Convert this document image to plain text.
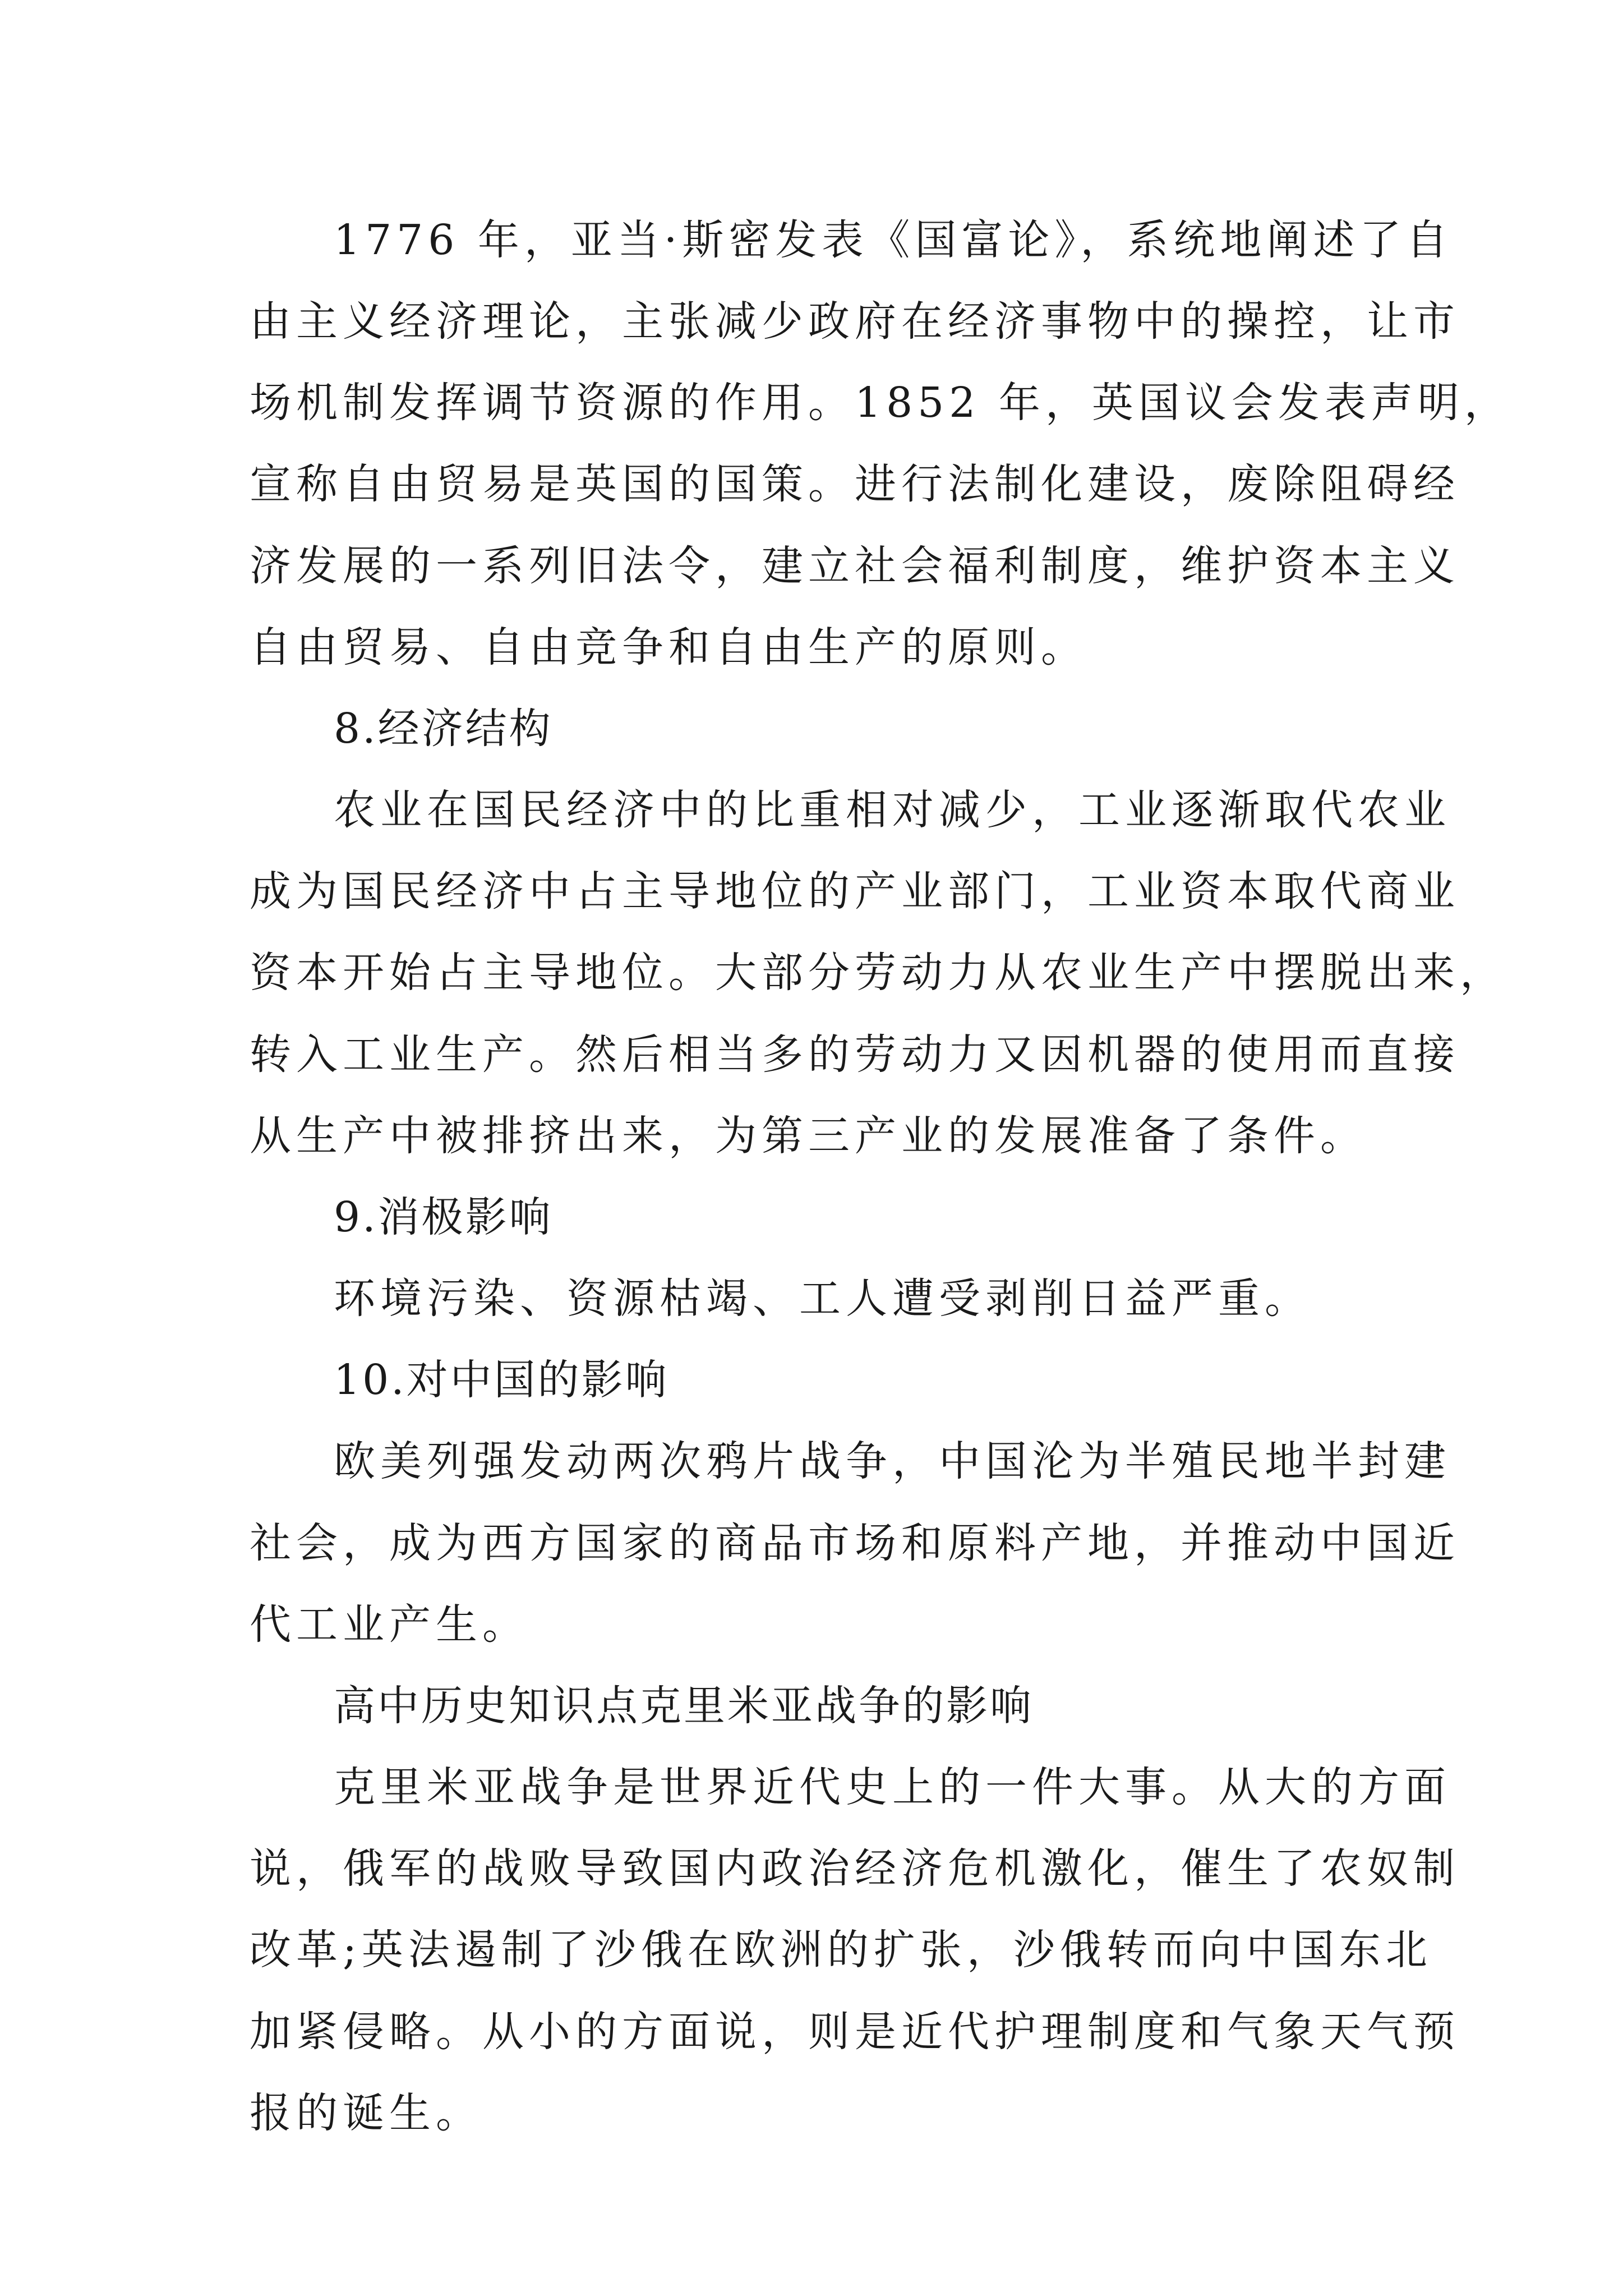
1776 年，亚当·斯密发表《国富论》，系统地阐述了自
由主义经济理论，主张减少政府在经济事物中的操控，让市
场机制发挥调节资源的作用。1852 年，英国议会发表声明，
宣称自由贸易是英国的国策。进行法制化建设，废除阻碍经
济发展的一系列旧法令，建立社会福利制度，维护资本主义
自由贸易、自由竞争和自由生产的原则。
8.经济结构
农业在国民经济中的比重相对减少，工业逐渐取代农业
成为国民经济中占主导地位的产业部门，工业资本取代商业
资本开始占主导地位。大部分劳动力从农业生产中摆脱出来，
转入工业生产。然后相当多的劳动力又因机器的使用而直接
从生产中被排挤出来，为第三产业的发展准备了条件。
9.消极影响
环境污染、资源枯竭、工人遭受剥削日益严重。
10.对中国的影响
欧美列强发动两次鸦片战争，中国沦为半殖民地半封建
社会，成为西方国家的商品市场和原料产地，并推动中国近
代工业产生。
高中历史知识点克里米亚战争的影响
克里米亚战争是世界近代史上的一件大事。从大的方面
说，俄军的战败导致国内政治经济危机激化，催生了农奴制
改革;英法遏制了沙俄在欧洲的扩张，沙俄转而向中国东北
加紧侵略。从小的方面说，则是近代护理制度和气象天气预
报的诞生。
